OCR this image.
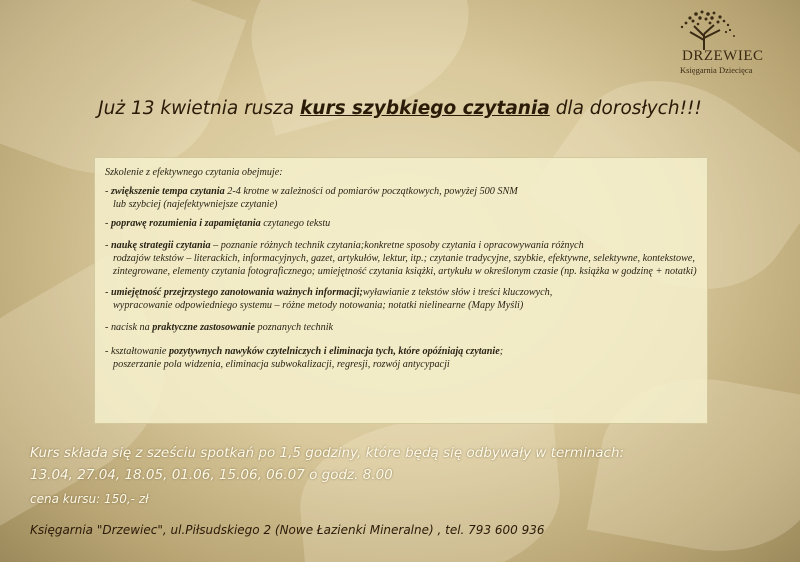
DRZEWIEC
Księgarnia Dziecięca
Już 13 kwietnia rusza kurs szybkiego czytania dla dorosłych!!!

Szkolenie z efektywnego czytania obejmuje:

- zwiększenie tempa czytania 2-4 krotne w zależności od pomiarów początkowych, powyżej 500 SNM
lub szybciej (najefektywniejsze czytanie)

- poprawę rozumienia i zapamiętania czytanego tekstu

- naukę strategii czytania – poznanie różnych technik czytania;konkretne sposoby czytania i opracowywania różnych
rodzajów tekstów – literackich, informacyjnych, gazet, artykułów, lektur, itp.; czytanie tradycyjne, szybkie, efektywne, selektywne, kontekstowe, zintegrowane, elementy czytania fotograficznego; umiejętność czytania książki, artykułu w określonym czasie (np. książka w godzinę + notatki)

- umiejętność przejrzystego zanotowania ważnych informacji;wyławianie z tekstów słów i treści kluczowych,
wypracowanie odpowiedniego systemu – różne metody notowania; notatki nielinearne (Mapy Myśli)

- nacisk na praktyczne zastosowanie poznanych technik

- kształtowanie pozytywnych nawyków czytelniczych i eliminacja tych, które opóźniają czytanie;
poszerzanie pola widzenia, eliminacja subwokalizacji, regresji, rozwój antycypacji

Kurs składa się z sześciu spotkań po 1,5 godziny, które będą się odbywały w terminach:
13.04, 27.04, 18.05, 01.06, 15.06, 06.07 o godz. 8.00
cena kursu: 150,- zł
Księgarnia "Drzewiec", ul.Piłsudskiego 2 (Nowe Łazienki Mineralne) , tel. 793 600 936
